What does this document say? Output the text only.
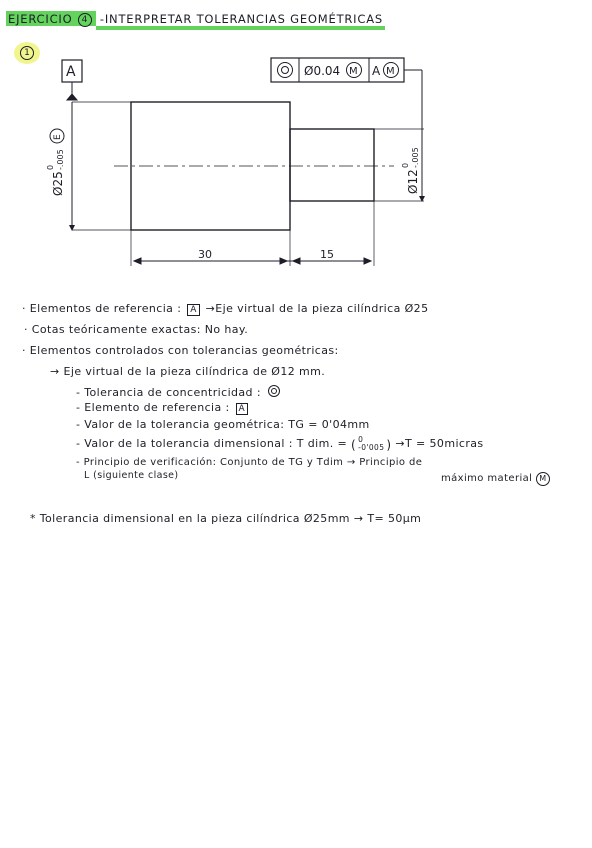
EJERCICIO 4 -INTERPRETAR TOLERANCIAS GEOMÉTRICAS
1
A	Ø0.04 M A M
30	15
Ø25
0 -.005
E
Ø12
0 -.005
· Elementos de referencia : A →Eje virtual de la pieza cilíndrica Ø25
· Cotas teóricamente exactas: No hay.
· Elementos controlados con tolerancias geométricas:
→ Eje virtual de la pieza cilíndrica de Ø12 mm.
- Tolerancia de concentricidad :
- Elemento de referencia : A
- Valor de la tolerancia geométrica: TG = 0'04mm
- Valor de la tolerancia dimensional : T dim. = ( 0
-0'005 ) →T = 50micras
- Principio de verificación: Conjunto de TG y Tdim → Principio de
L (siguiente clase)	máximo material M
* Tolerancia dimensional en la pieza cilíndrica Ø25mm → T= 50μm
